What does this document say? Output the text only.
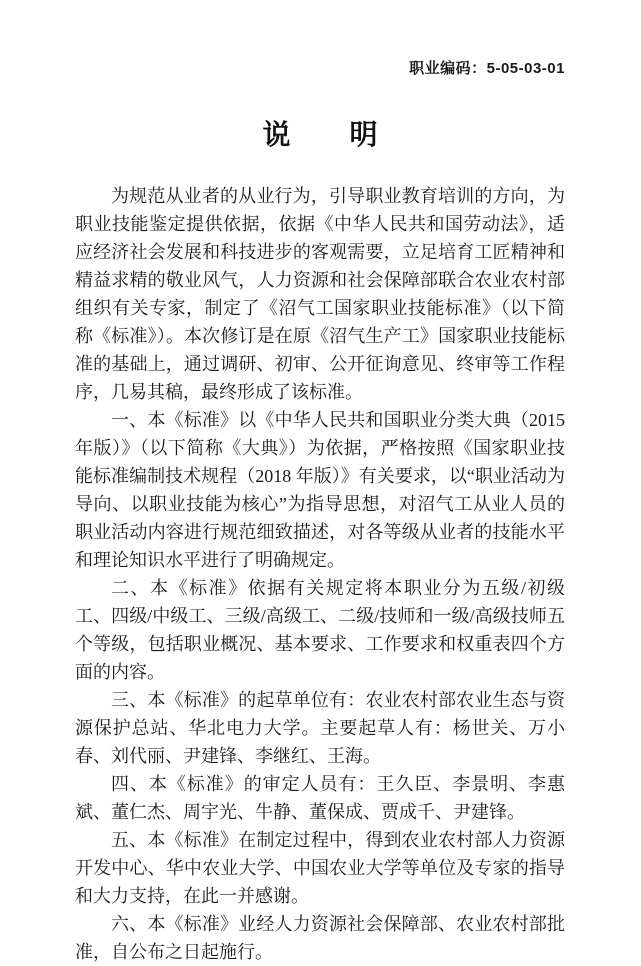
职业编码：5-05-03-01
说　　明

为规范从业者的从业行为，引导职业教育培训的方向，为职业技能鉴定提供依据，依据《中华人民共和国劳动法》，适应经济社会发展和科技进步的客观需要，立足培育工匠精神和精益求精的敬业风气，人力资源和社会保障部联合农业农村部组织有关专家，制定了《沼气工国家职业技能标准》（以下简称《标准》）。本次修订是在原《沼气生产工》国家职业技能标准的基础上，通过调研、初审、公开征询意见、终审等工作程序，几易其稿，最终形成了该标准。

一、本《标准》以《中华人民共和国职业分类大典（2015 年版）》（以下简称《大典》）为依据，严格按照《国家职业技能标准编制技术规程（2018 年版）》有关要求，以“职业活动为导向、以职业技能为核心”为指导思想，对沼气工从业人员的职业活动内容进行规范细致描述，对各等级从业者的技能水平和理论知识水平进行了明确规定。

二、本《标准》依据有关规定将本职业分为五级/初级工、四级/中级工、三级/高级工、二级/技师和一级/高级技师五个等级，包括职业概况、基本要求、工作要求和权重表四个方面的内容。

三、本《标准》的起草单位有：农业农村部农业生态与资源保护总站、华北电力大学。主要起草人有：杨世关、万小春、刘代丽、尹建锋、李继红、王海。

四、本《标准》的审定人员有：王久臣、李景明、李惠斌、董仁杰、周宇光、牛静、董保成、贾成千、尹建锋。

五、本《标准》在制定过程中，得到农业农村部人力资源开发中心、华中农业大学、中国农业大学等单位及专家的指导和大力支持，在此一并感谢。

六、本《标准》业经人力资源社会保障部、农业农村部批准，自公布之日起施行。
